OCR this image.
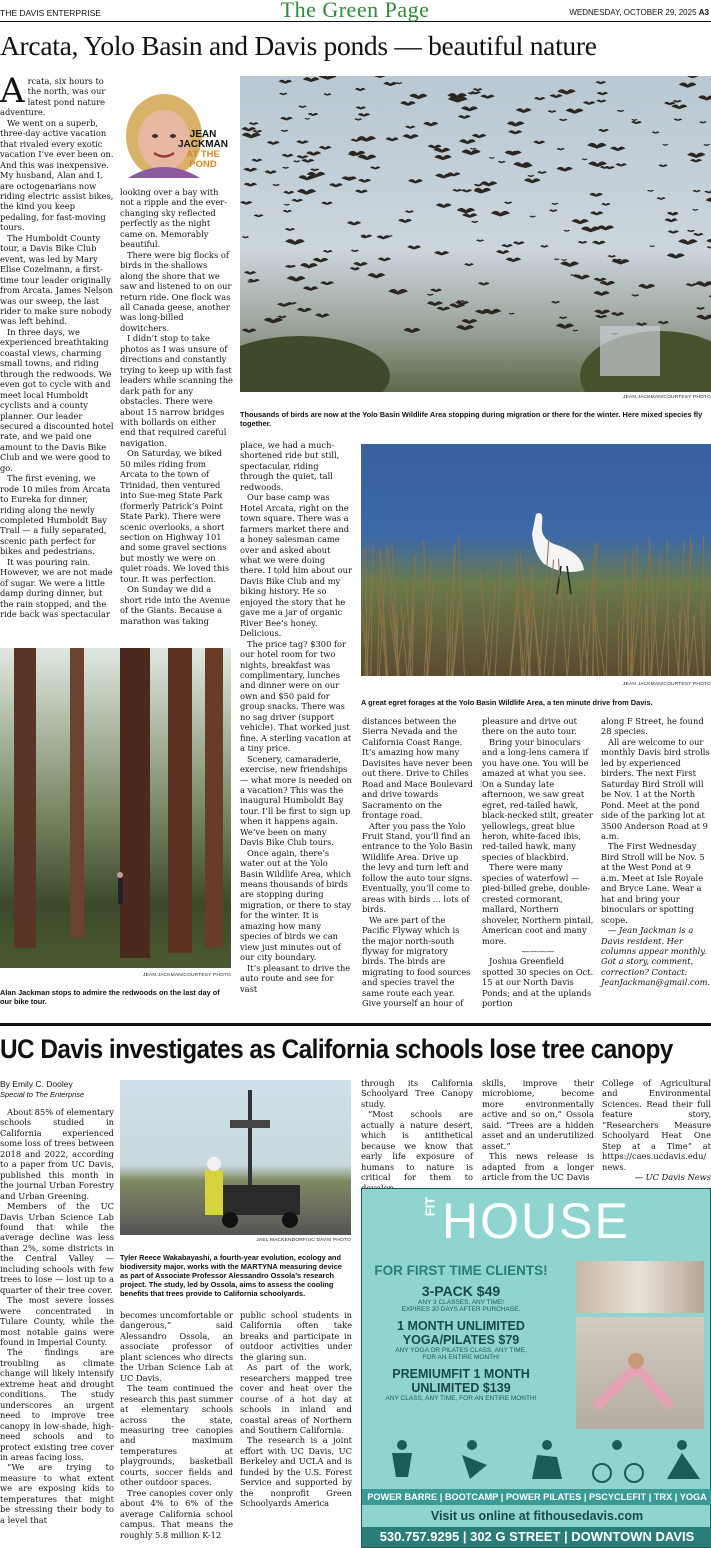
THE DAVIS ENTERPRISE	The Green Page	WEDNESDAY, OCTOBER 29, 2025 A3
Arcata, Yolo Basin and Davis ponds — beautiful nature
JEAN
JACKMAN
AT THE
POND
A rcata, six hours to the north, was our latest pond nature adventure.

We went on a superb, three-day active vacation that rivaled every exotic vacation I’ve ever been on. And this was inexpensive. My husband, Alan and I, are octogenarians now riding electric assist bikes, the kind you keep pedaling, for fast-moving tours.

The Humboldt County tour, a Davis Bike Club event, was led by Mary Elise Cozelmann, a first-time tour leader originally from Arcata. James Nelson was our sweep, the last rider to make sure nobody was left behind.

In three days, we experienced breathtaking coastal views, charming small towns, and riding through the redwoods. We even got to cycle with and meet local Humboldt cyclists and a county planner. Our leader secured a discounted hotel rate, and we paid one amount to the Davis Bike Club and we were good to go.

The first evening, we rode 10 miles from Arcata to Eureka for dinner, riding along the newly completed Humboldt Bay Trail — a fully separated, scenic path perfect for bikes and pedestrians.

It was pouring rain. However, we are not made of sugar. We were a little damp during dinner, but the rain stopped, and the ride back was spectacular

looking over a bay with not a ripple and the ever-changing sky reflected perfectly as the night came on. Memorably beautiful.

There were big flocks of birds in the shallows along the shore that we saw and listened to on our return ride. One flock was all Canada geese, another was long-billed dowitchers.

I didn’t stop to take photos as I was unsure of directions and constantly trying to keep up with fast leaders while scanning the dark path for any obstacles. There were about 15 narrow bridges with bollards on either end that required careful navigation.

On Saturday, we biked 50 miles riding from Arcata to the town of Trinidad, then ventured into Sue-meg State Park (formerly Patrick’s Point State Park). There were scenic overlooks, a short section on Highway 101 and some gravel sections but mostly we were on quiet roads. We loved this tour. It was perfection.

On Sunday we did a short ride into the Avenue of the Giants. Because a marathon was taking

JEAN JACKMAN/COURTESY PHOTO
Thousands of birds are now at the Yolo Basin Wildlife Area stopping during migration or there for the winter. Here mixed species fly together.

place, we had a much-shortened ride but still, spectacular, riding through the quiet, tall redwoods.

Our base camp was Hotel Arcata, right on the town square. There was a farmers market there and a honey salesman came over and asked about what we were doing there. I told him about our Davis Bike Club and my biking history. He so enjoyed the story that he gave me a jar of organic River Bee’s honey. Delicious.

The price tag? $300 for our hotel room for two nights, breakfast was complimentary, lunches and dinner were on our own and $50 paid for group snacks. There was no sag driver (support vehicle). That worked just fine. A sterling vacation at a tiny price.

Scenery, camaraderie, exercise, new friendships — what more is needed on a vacation? This was the inaugural Humboldt Bay tour. I’ll be first to sign up when it happens again. We’ve been on many Davis Bike Club tours.

Once again, there’s water out at the Yolo Basin Wildlife Area, which means thousands of birds are stopping during migration, or there to stay for the winter. It is amazing how many species of birds we can view just minutes out of our city boundary.

It’s pleasant to drive the auto route and see for vast

JEAN JACKMAN/COURTESY PHOTO
A great egret forages at the Yolo Basin Wildlife Area, a ten minute drive from Davis.

distances between the Sierra Nevada and the California Coast Range. It’s amazing how many Davisites have never been out there. Drive to Chiles Road and Mace Boulevard and drive towards Sacramento on the frontage road.

After you pass the Yolo Fruit Stand, you’ll find an entrance to the Yolo Basin Wildlife Area. Drive up the levy and turn left and follow the auto tour signs. Eventually, you’ll come to areas with birds ... lots of birds.

We are part of the Pacific Flyway which is the major north-south flyway for migratory birds. The birds are migrating to food sources and species travel the same route each year. Give yourself an hour of

pleasure and drive out there on the auto tour.

Bring your binoculars and a long-lens camera if you have one. You will be amazed at what you see. On a Sunday late afternoon, we saw great egret, red-tailed hawk, black-necked stilt, greater yellowlegs, great blue heron, white-faced ibis, red-tailed hawk, many species of blackbird.

There were many species of waterfowl — pied-billed grebe, double-crested cormorant, mallard, Northern shoveler, Northern pintail, American coot and many more.

————

Joshua Greenfield spotted 30 species on Oct. 15 at our North Davis Ponds; and at the uplands portion

along F Street, he found 28 species.

All are welcome to our monthly Davis bird strolls led by experienced birders. The next First Saturday Bird Stroll will be Nov. 1 at the North Pond. Meet at the pond side of the parking lot at 3500 Anderson Road at 9 a.m.

The First Wednesday Bird Stroll will be Nov. 5 at the West Pond at 9 a.m. Meet at Isle Royale and Bryce Lane. Wear a hat and bring your binoculars or spotting scope.

— Jean Jackman is a Davis resident. Her columns appear monthly. Got a story, comment, correction? Contact: JeanJackman@gmail.com.

JEAN JACKMAN/COURTESY PHOTO
Alan Jackman stops to admire the redwoods on the last day of our bike tour.
UC Davis investigates as California schools lose tree canopy
By Emily C. Dooley
Special to The Enterprise

About 85% of elementary schools studied in California experienced some loss of trees between 2018 and 2022, according to a paper from UC Davis, published this month in the journal Urban Forestry and Urban Greening.

Members of the UC Davis Urban Science Lab found that while the average decline was less than 2%, some districts in the Central Valley — including schools with few trees to lose — lost up to a quarter of their tree cover.

The most severe losses were concentrated in Tulare County, while the most notable gains were found in Imperial County.

The findings are troubling as climate change will likely intensify extreme heat and drought conditions. The study underscores an urgent need to improve tree canopy in low-shade, high-need schools and to protect existing tree cover in areas facing loss.

“We are trying to measure to what extent we are exposing kids to temperatures that might be stressing their body to a level that

JAEL MACKENDORF/UC DAVIS PHOTO
Tyler Reece Wakabayashi, a fourth-year evolution, ecology and biodiversity major, works with the MARTYNA measuring device as part of Associate Professor Alessandro Ossola’s research project. The study, led by Ossola, aims to assess the cooling benefits that trees provide to California schoolyards.

becomes uncomfortable or dangerous,” said Alessandro Ossola, an associate professor of plant sciences who directs the Urban Science Lab at UC Davis.

The team continued the research this past summer at elementary schools across the state, measuring tree canopies and maximum temperatures at playgrounds, basketball courts, soccer fields and other outdoor spaces.

Tree canopies cover only about 4% to 6% of the average California school campus. That means the roughly 5.8 million K-12

public school students in California often take breaks and participate in outdoor activities under the glaring sun.

As part of the work, researchers mapped tree cover and heat over the course of a hot day at schools in inland and coastal areas of Northern and Southern California.

The research is a joint effort with UC Davis, UC Berkeley and UCLA and is funded by the U.S. Forest Service and supported by the nonprofit Green Schoolyards America

through its California Schoolyard Tree Canopy study.

“Most schools are actually a nature desert, which is antithetical because we know that early life exposure of humans to nature is critical for them to

skills, improve their microbiome, become more environmentally active and so on,” Ossola said. “Trees are a hidden asset and an underutilized asset.”

This news release is adapted from a longer article from the UC Davis

College of Agricultural and Environmental Sciences. Read their full feature story, “Researchers Measure Schoolyard Heat One Step at a Time” at https://caes.ucdavis.edu/news.

— UC Davis News

FIT HOUSE
FOR FIRST TIME CLIENTS!
3-PACK $49
ANY 3 CLASSES, ANY TIME!
EXPIRES 30 DAYS AFTER PURCHASE.
1 MONTH UNLIMITED
YOGA/PILATES $79
ANY YOGA OR PILATES CLASS, ANY TIME,
FOR AN ENTIRE MONTH!
PREMIUMFIT 1 MONTH
UNLIMITED $139
ANY CLASS, ANY TIME, FOR AN ENTIRE MONTH!
POWER BARRE | BOOTCAMP | POWER PILATES | PSCYCLEFIT | TRX | YOGA
Visit us online at fithousedavis.com
530.757.9295 | 302 G STREET | DOWNTOWN DAVIS
